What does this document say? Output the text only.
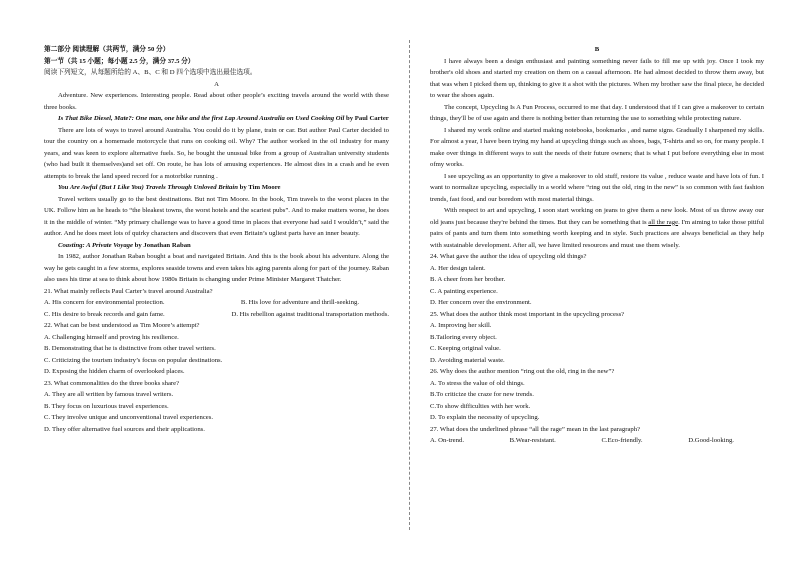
第二部分 阅读理解（共两节，满分 50 分）

第一节（共 15 小题；每小题 2.5 分，满分 37.5 分）

阅读下列短文，从每题所给的 A、B、C 和 D 四个选项中选出最佳选项。

A

Adventure. New experiences. Interesting people. Read about other people’s exciting travels around the world with these three books.

Is That Bike Diesel, Mate?: One man, one bike and the first Lap Around Australia on Used Cooking Oil by Paul Carter

There are lots of ways to travel around Australia. You could do it by plane, train or car. But author Paul Carter decided to tour the country on a homemade motorcycle that runs on cooking oil. Why? The author worked in the oil industry for many years, and was keen to explore alternative fuels. So, he bought the unusual bike from a group of Australian university students (who had built it themselves)and set off. On route, he has lots of amusing experiences. He almost dies in a crash and he even attempts to break the land speed record for a motorbike running .

You Are Awful (But I Like You) Travels Through Unloved Britain by Tim Moore

Travel writers usually go to the best destinations. But not Tim Moore. In the book, Tim travels to the worst places in the UK. Follow him as he heads to “the bleakest towns, the worst hotels and the scariest pubs”. And to make matters worse, he does it in the middle of winter. “My primary challenge was to have a good time in places that everyone had said I wouldn’t,” said the author. And he does meet lots of quirky characters and discovers that even Britain’s ugliest parts have an inner beauty.

Coasting: A Private Voyage by Jonathan Raban

In 1982, author Jonathan Raban bought a boat and navigated Britain. And this is the book about his adventure. Along the way he gets caught in a few storms, explores seaside towns and even takes his aging parents along for part of the journey. Raban also uses his time at sea to think about how 1980s Britain is changing under Prime Minister Margaret Thatcher.

21. What mainly reflects Paul Carter’s travel around Australia?

A. His concern for environmental protection.	B. His love for adventure and thrill-seeking.
C. His desire to break records and gain fame.	D. His rebellion against traditional transportation methods.

22. What can be best understood as Tim Moore’s attempt?

A. Challenging himself and proving his resilience.

B. Demonstrating that he is distinctive from other travel writers.

C. Criticizing the tourism industry’s focus on popular destinations.

D. Exposing the hidden charm of overlooked places.

23. What commonalities do the three books share?

A. They are all written by famous travel writers.

B. They focus on luxurious travel experiences.

C. They involve unique and unconventional travel experiences.

D. They offer alternative fuel sources and their applications.

B

I have always been a design enthusiast and painting something never fails to fill me up with joy. Once I took my brother's old shoes and started my creation on them on a casual afternoon. He had almost decided to throw them away, but that was when I picked them up, thinking to give it a shot with the pictures. When my brother saw the final piece, he decided to wear the shoes again.

The concept, Upcycling Is A Fun Process, occurred to me that day. I understood that if I can give a makeover to certain things, they'll be of use again and there is nothing better than returning the use to something while protecting nature.

I shared my work online and started making notebooks, bookmarks , and name signs. Gradually I sharpened my skills. For almost a year, I have been trying my hand at upcycling things such as shoes, bags, T-shirts and so on, for many people. I make over things in different ways to suit the needs of their future owners; that is what I put before everything else in most ofmy works.

I see upcycling as an opportunity to give a makeover to old stuff, restore its value , reduce waste and have lots of fun. I want to normalize upcycling, especially in a world where “ring out the old, ring in the new” is so common with fast fashion trends, fast food, and our boredom with most material things.

With respect to art and upcycling, I soon start working on jeans to give them a new look. Most of us throw away our old jeans just because they're behind the times. But they can be something that is all the rage. I'm aiming to take those pitiful pairs of pants and turn them into something worth keeping and in style. Such practices are always beneficial as they help with sustainable development. After all, we have limited resources and must use them wisely.

24. What gave the author the idea of upcycling old things?

A. Her design talent.

B. A cheer from her brother.

C. A painting experience.

D. Her concern over the environment.

25. What does the author think most important in the upcycling process?

A. Improving her skill.

B.Tailoring every object.

C. Keeping original value.

D. Avoiding material waste.

26. Why does the author mention “ring out the old, ring in the new”?

A. To stress the value of old things.

B.To criticize the craze for new trends.

C.To show difficulties with her work.

D. To explain the necessity of upcycling.

27. What does the underlined phrase “all the rage” mean in the last paragraph?

A. On-trend.	B.Wear-resistant.	C.Eco-friendly.	D.Good-looking.
